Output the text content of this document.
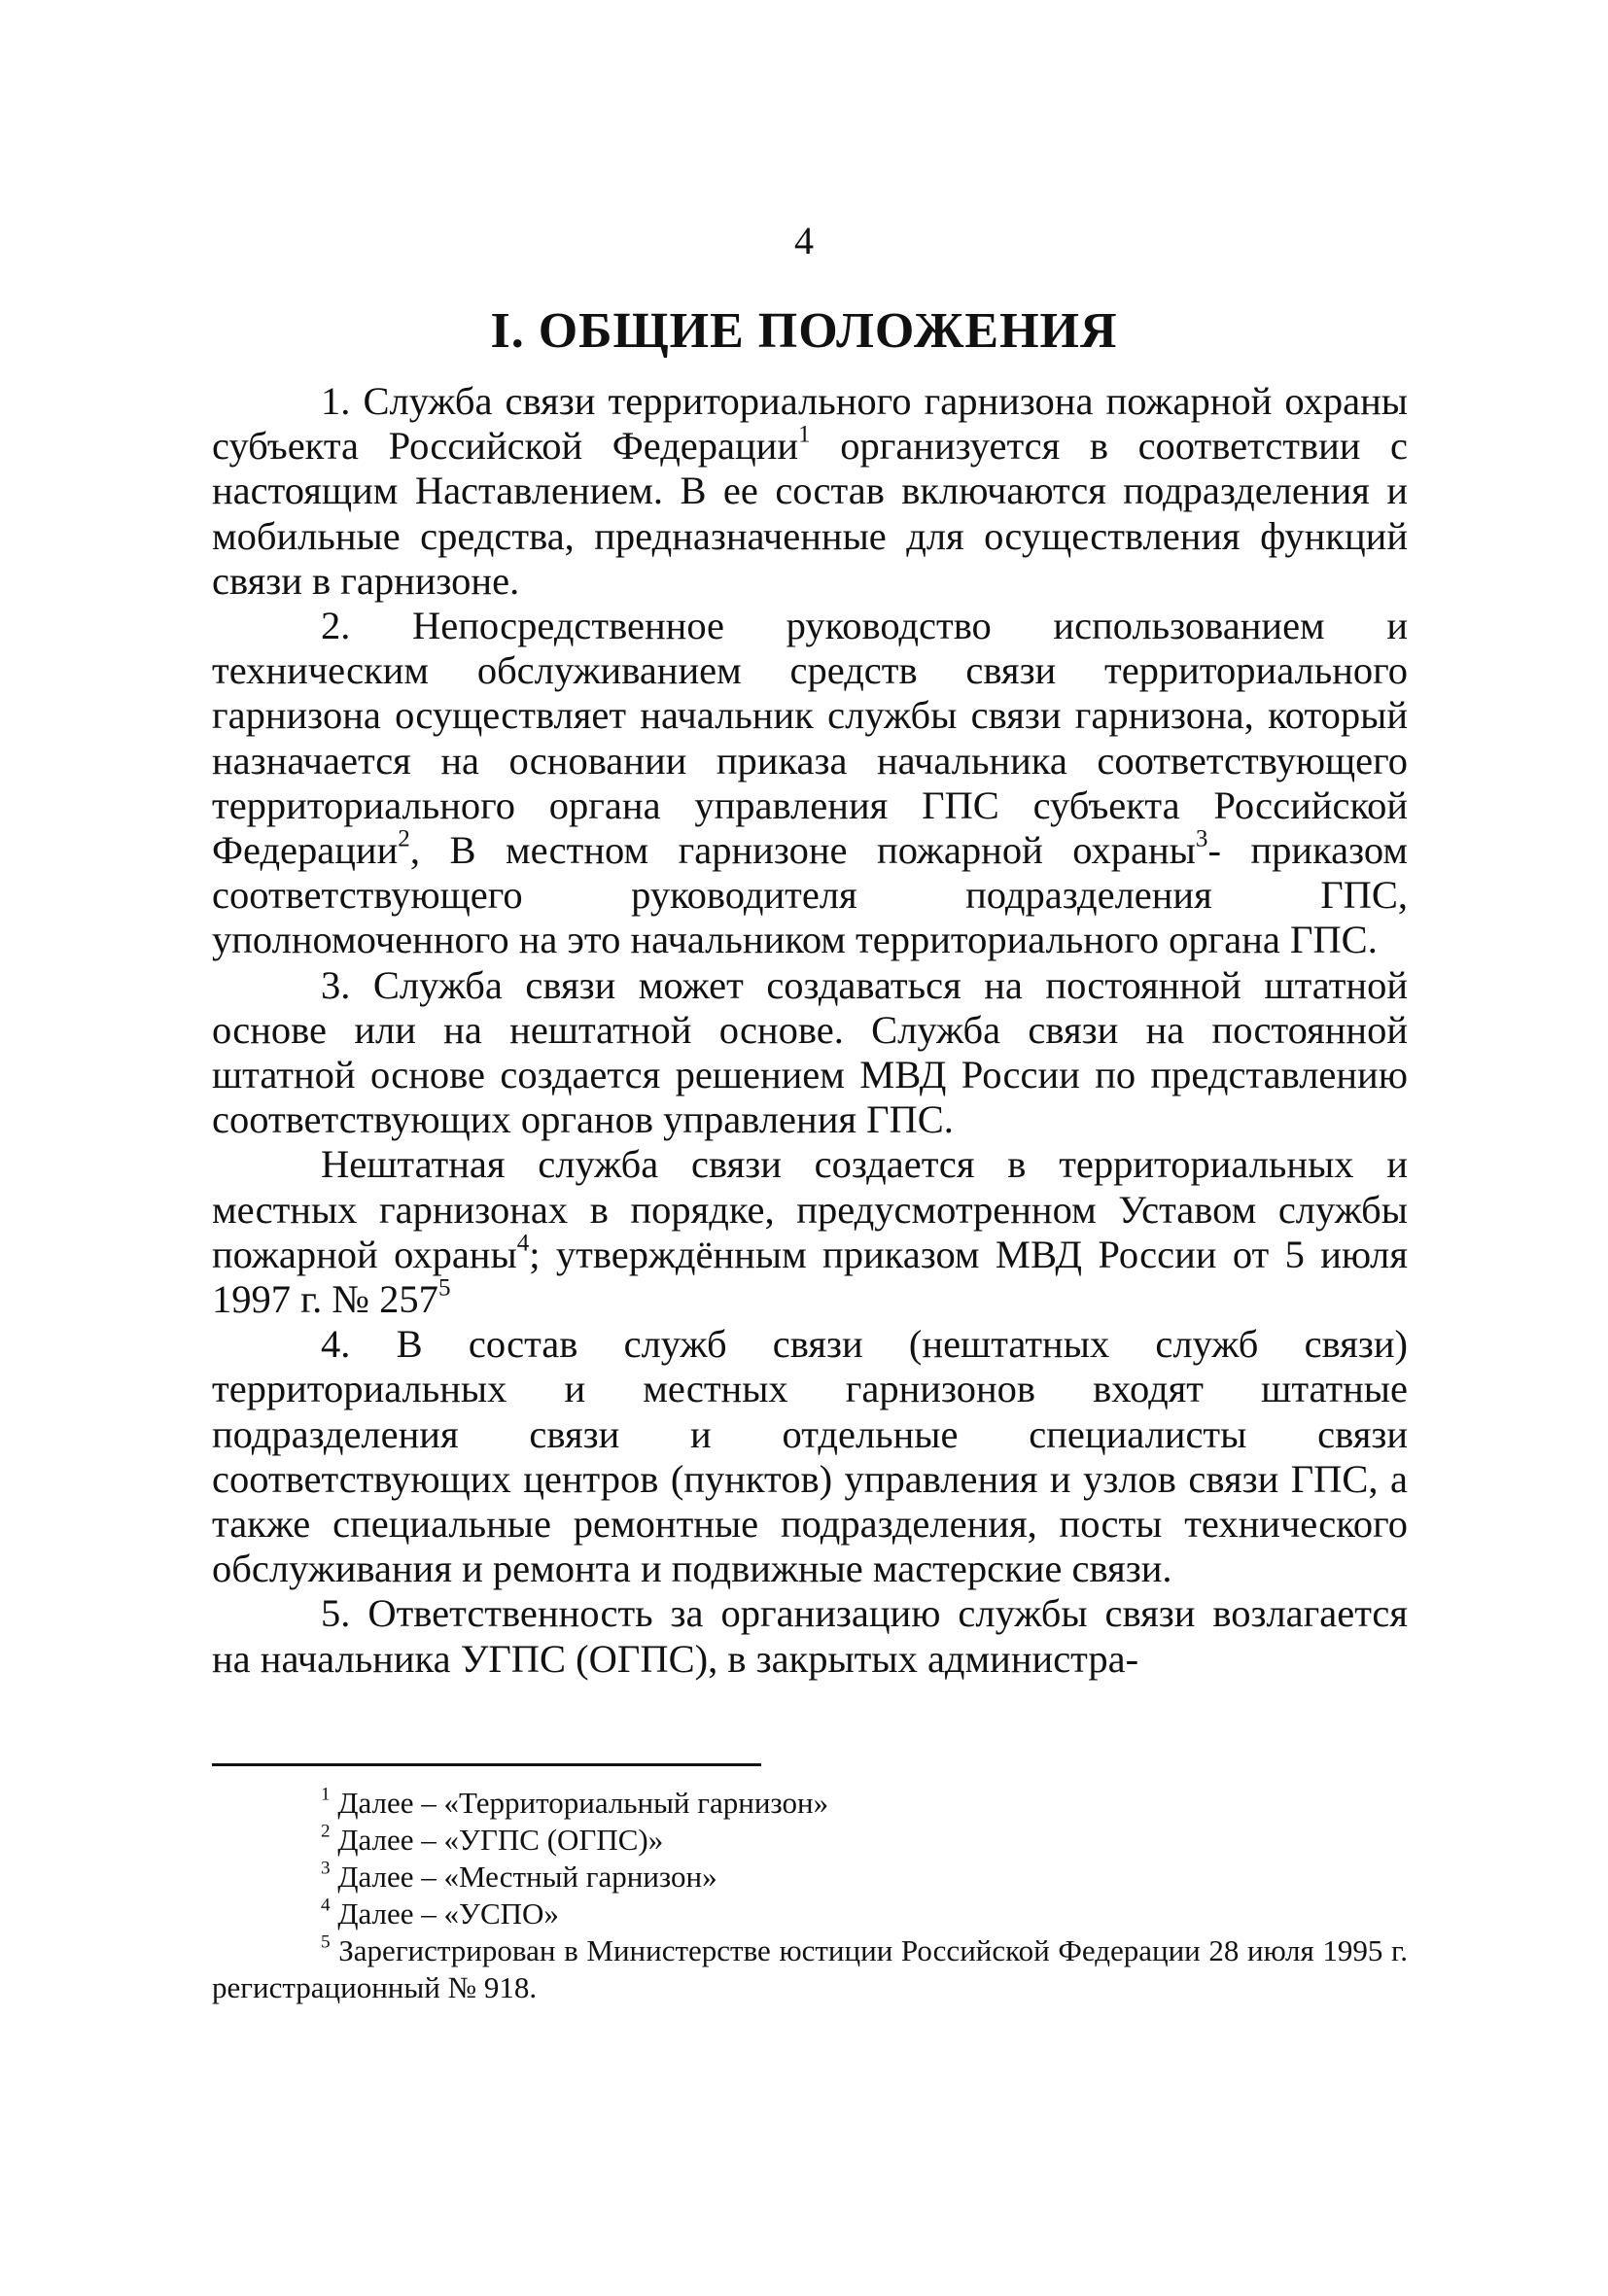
4
I. ОБЩИЕ ПОЛОЖЕНИЯ

1. Служба связи территориального гарнизона пожарной охраны субъекта Российской Федерации$^1$ организуется в соответствии с настоящим Наставлением. В ее состав включаются подразделения и мобильные средства, предназначенные для осуществления функций связи в гарнизоне.

2. Непосредственное руководство использованием и техническим обслуживанием средств связи территориального гарнизона осуществляет начальник службы связи гарнизона, который назначается на основании приказа начальника соответствующего территориального органа управления ГПС субъекта Российской Федерации$^2$, В местном гарнизоне пожарной охраны$^3$- приказом соответствующего руководителя подразделения ГПС, уполномоченного на это начальником территориального органа ГПС.

3. Служба связи может создаваться на постоянной штатной основе или на нештатной основе. Служба связи на постоянной штатной основе создается решением МВД России по представлению соответствующих органов управления ГПС.

Нештатная служба связи создается в территориальных и местных гарнизонах в порядке, предусмотренном Уставом службы пожарной охраны$^4$; утверждённым приказом МВД России от 5 июля 1997 г. № $257^5$

4. В состав служб связи (нештатных служб связи) территориальных и местных гарнизонов входят штатные подразделения связи и отдельные специалисты связи соответствующих центров (пунктов) управления и узлов связи ГПС, а также специальные ремонтные подразделения, посты технического обслуживания и ремонта и подвижные мастерские связи.

5. Ответственность за организацию службы связи возлагается на начальника УГПС (ОГПС), в закрытых администра-

$^1$ Далее – «Территориальный гарнизон»

$^2$ Далее – «УГПС (ОГПС)»

$^3$ Далее – «Местный гарнизон»

$^4$ Далее – «УСПО»

$^5$ Зарегистрирован в Министерстве юстиции Российской Федерации 28 июля 1995 г. регистрационный № 918.
